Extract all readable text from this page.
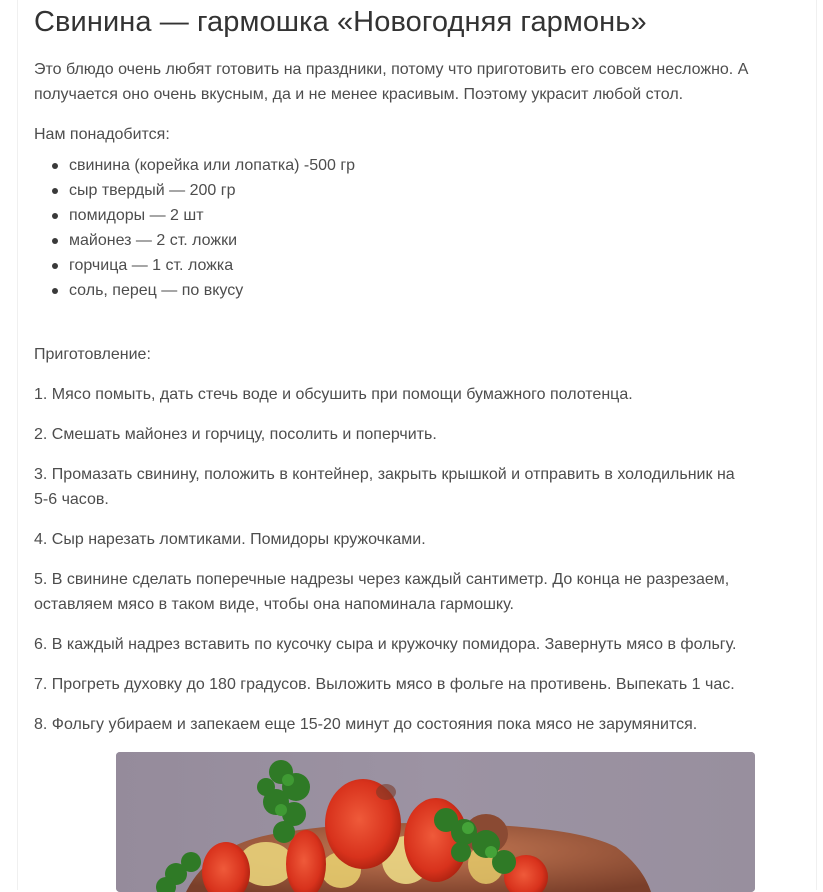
Свинина — гармошка «Новогодняя гармонь»

Это блюдо очень любят готовить на праздники, потому что приготовить его совсем несложно. А

получается оно очень вкусным, да и не менее красивым. Поэтому украсит любой стол.

Нам понадобится:

свинина (корейка или лопатка) -500 гр
сыр твердый — 200 гр
помидоры — 2 шт
майонез — 2 ст. ложки
горчица — 1 ст. ложка
соль, перец — по вкусу

Приготовление:

1. Мясо помыть, дать стечь воде и обсушить при помощи бумажного полотенца.

2. Смешать майонез и горчицу, посолить и поперчить.

3. Промазать свинину, положить в контейнер, закрыть крышкой и отправить в холодильник на

5-6 часов.

4. Сыр нарезать ломтиками. Помидоры кружочками.

5. В свинине сделать поперечные надрезы через каждый сантиметр. До конца не разрезаем,

оставляем мясо в таком виде, чтобы она напоминала гармошку.

6. В каждый надрез вставить по кусочку сыра и кружочку помидора. Завернуть мясо в фольгу.

7. Прогреть духовку до 180 градусов. Выложить мясо в фольге на противень. Выпекать 1 час.

8. Фольгу убираем и запекаем еще 15-20 минут до состояния пока мясо не зарумянится.
